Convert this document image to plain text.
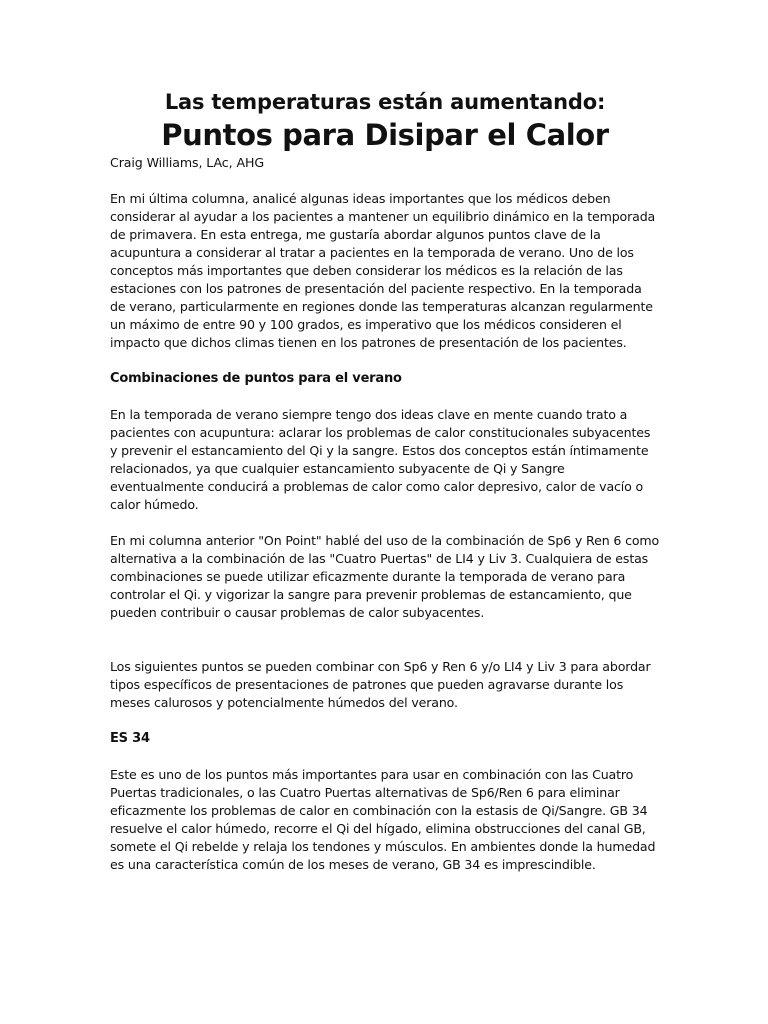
Las temperaturas están aumentando:
Puntos para Disipar el Calor
Craig Williams, LAc, AHG

En mi última columna, analicé algunas ideas importantes que los médicos deben considerar al ayudar a los pacientes a mantener un equilibrio dinámico en la temporada de primavera. En esta entrega, me gustaría abordar algunos puntos clave de la acupuntura a considerar al tratar a pacientes en la temporada de verano. Uno de los conceptos más importantes que deben considerar los médicos es la relación de las estaciones con los patrones de presentación del paciente respectivo. En la temporada de verano, particularmente en regiones donde las temperaturas alcanzan regularmente un máximo de entre 90 y 100 grados, es imperativo que los médicos consideren el impacto que dichos climas tienen en los patrones de presentación de los pacientes.

Combinaciones de puntos para el verano

En la temporada de verano siempre tengo dos ideas clave en mente cuando trato a pacientes con acupuntura: aclarar los problemas de calor constitucionales subyacentes y prevenir el estancamiento del Qi y la sangre. Estos dos conceptos están íntimamente relacionados, ya que cualquier estancamiento subyacente de Qi y Sangre eventualmente conducirá a problemas de calor como calor depresivo, calor de vacío o calor húmedo.

En mi columna anterior "On Point" hablé del uso de la combinación de Sp6 y Ren 6 como alternativa a la combinación de las "Cuatro Puertas" de LI4 y Liv 3. Cualquiera de estas combinaciones se puede utilizar eficazmente durante la temporada de verano para controlar el Qi. y vigorizar la sangre para prevenir problemas de estancamiento, que pueden contribuir o causar problemas de calor subyacentes.

Los siguientes puntos se pueden combinar con Sp6 y Ren 6 y/o LI4 y Liv 3 para abordar tipos específicos de presentaciones de patrones que pueden agravarse durante los meses calurosos y potencialmente húmedos del verano.

ES 34

Este es uno de los puntos más importantes para usar en combinación con las Cuatro Puertas tradicionales, o las Cuatro Puertas alternativas de Sp6/Ren 6 para eliminar eficazmente los problemas de calor en combinación con la estasis de Qi/Sangre. GB 34 resuelve el calor húmedo, recorre el Qi del hígado, elimina obstrucciones del canal GB, somete el Qi rebelde y relaja los tendones y músculos. En ambientes donde la humedad es una característica común de los meses de verano, GB 34 es imprescindible.
